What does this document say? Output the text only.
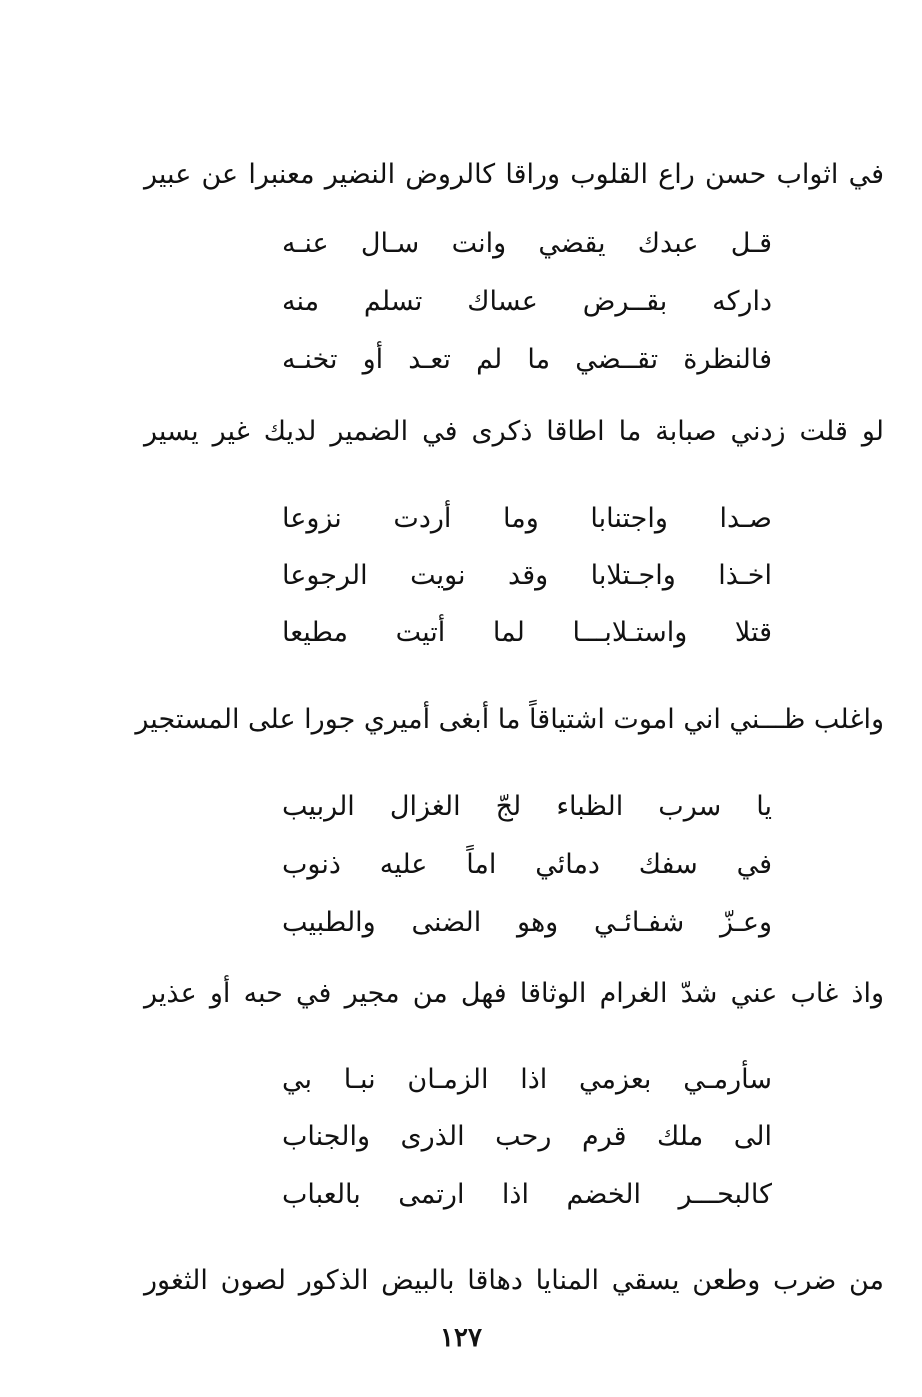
في اثواب حسن راع القلوب وراقا كالروض النضير معنبرا عن عبير
قـل عبدك يقضي وانت سـال عنـه
داركه بقــرض عساك تسلم منه
فالنظرة تقــضي ما لم تعـد أو تخنـه
لو قلت زدني صبابة ما اطاقا ذكرى في الضمير لديك غير يسير
صـدا واجتنابا وما أردت نزوعا
اخـذا واجـتلابا وقد نويت الرجوعا
قتلا واستـلابـــا لما أتيت مطيعا
واغلب ظـــني اني اموت اشتياقاً ما أبغى أميري جورا على المستجير
يا سرب الظباء لجّ الغزال الربيب
في سفك دمائي اماً عليه ذنوب
وعـزّ شفـائـي وهو الضنى والطبيب
واذ غاب عني شدّ الغرام الوثاقا فهل من مجير في حبه أو عذير
سأرمـي بعزمي اذا الزمـان نبـا بي
الى ملك قرم رحب الذرى والجناب
كالبحـــر الخضم اذا ارتمى بالعباب
من ضرب وطعن يسقي المنايا دهاقا بالبيض الذكور لصون الثغور
١٢٧
